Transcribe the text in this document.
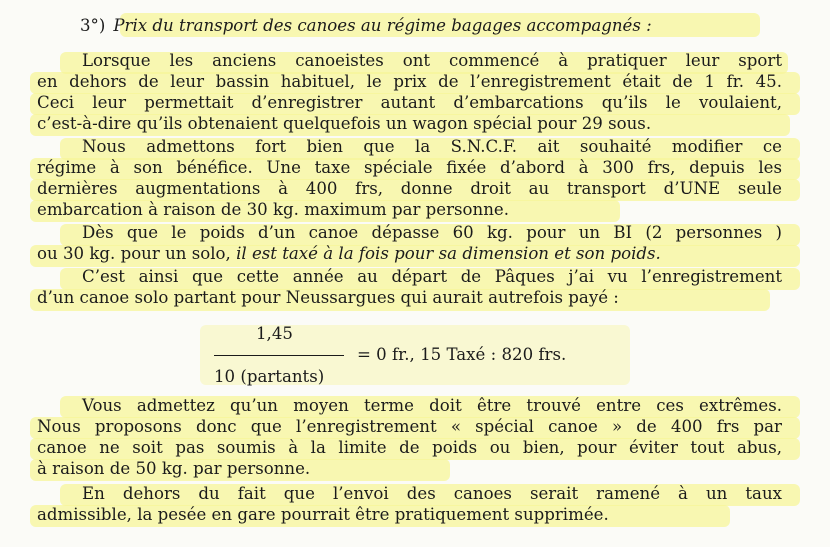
3°) Prix du transport des canoes au régime bagages accompagnés :
Lorsque les anciens canoeistes ont commencé à pratiquer leur sport
en dehors de leur bassin habituel, le prix de l’enregistrement était de 1 fr. 45.
Ceci leur permettait d’enregistrer autant d’embarcations qu’ils le voulaient,
c’est-à-dire qu’ils obtenaient quelquefois un wagon spécial pour 29 sous.
Nous admettons fort bien que la S.N.C.F. ait souhaité modifier ce
régime à son bénéfice. Une taxe spéciale fixée d’abord à 300 frs, depuis les
dernières augmentations à 400 frs, donne droit au transport d’UNE seule
embarcation à raison de 30 kg. maximum par personne.
Dès que le poids d’un canoe dépasse 60 kg. pour un BI (2 personnes )
ou 30 kg. pour un solo, il est taxé à la fois pour sa dimension et son poids.
C’est ainsi que cette année au départ de Pâques j’ai vu l’enregistrement
d’un canoe solo partant pour Neussargues qui aurait autrefois payé :
Vous admettez qu’un moyen terme doit être trouvé entre ces extrêmes.
Nous proposons donc que l’enregistrement « spécial canoe » de 400 frs par
canoe ne soit pas soumis à la limite de poids ou bien, pour éviter tout abus,
à raison de 50 kg. par personne.
En dehors du fait que l’envoi des canoes serait ramené à un taux
admissible, la pesée en gare pourrait être pratiquement supprimée.
1,45
10 (partants)
= 0 fr., 15 Taxé : 820 frs.
